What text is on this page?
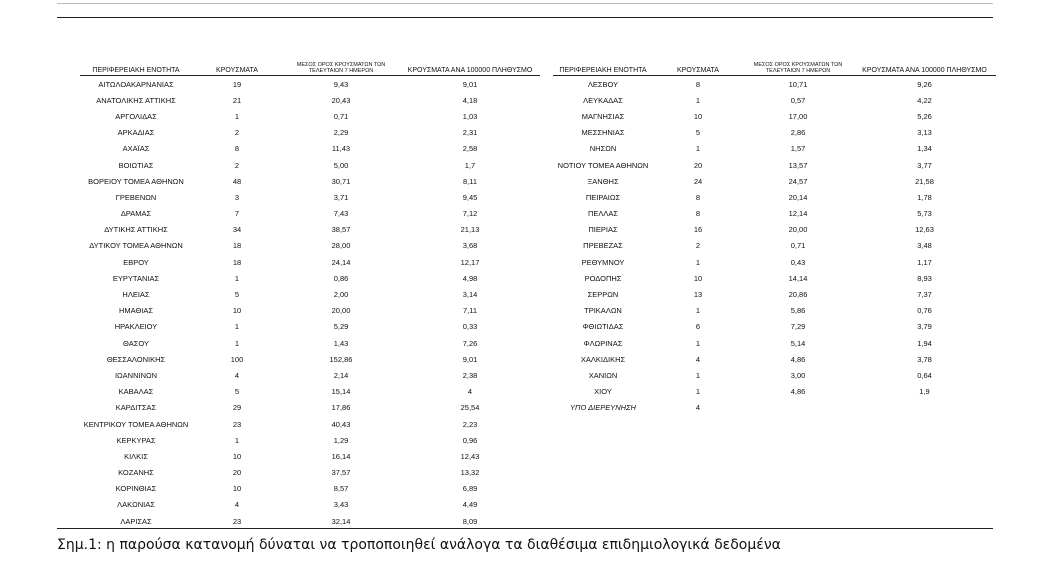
ΠΕΡΙΦΕΡΕΙΑΚΗ ΕΝΟΤΗΤΑ	ΚΡΟΥΣΜΑΤΑ	ΜΕΣΟΣ ΟΡΟΣ ΚΡΟΥΣΜΑΤΩΝ ΤΩΝ ΤΕΛΕΥΤΑΙΩΝ 7 ΗΜΕΡΩΝ	ΚΡΟΥΣΜΑΤΑ ΑΝΑ 100000 ΠΛΗΘΥΣΜΟ
ΑΙΤΩΛΟΑΚΑΡΝΑΝΙΑΣ	19	9,43	9,01
ΑΝΑΤΟΛΙΚΗΣ ΑΤΤΙΚΗΣ	21	20,43	4,18
ΑΡΓΟΛΙΔΑΣ	1	0,71	1,03
ΑΡΚΑΔΙΑΣ	2	2,29	2,31
ΑΧΑΪΑΣ	8	11,43	2,58
ΒΟΙΩΤΙΑΣ	2	5,00	1,7
ΒΟΡΕΙΟΥ ΤΟΜΕΑ ΑΘΗΝΩΝ	48	30,71	8,11
ΓΡΕΒΕΝΩΝ	3	3,71	9,45
ΔΡΑΜΑΣ	7	7,43	7,12
ΔΥΤΙΚΗΣ ΑΤΤΙΚΗΣ	34	38,57	21,13
ΔΥΤΙΚΟΥ ΤΟΜΕΑ ΑΘΗΝΩΝ	18	28,00	3,68
ΕΒΡΟΥ	18	24,14	12,17
ΕΥΡΥΤΑΝΙΑΣ	1	0,86	4,98
ΗΛΕΙΑΣ	5	2,00	3,14
ΗΜΑΘΙΑΣ	10	20,00	7,11
ΗΡΑΚΛΕΙΟΥ	1	5,29	0,33
ΘΑΣΟΥ	1	1,43	7,26
ΘΕΣΣΑΛΟΝΙΚΗΣ	100	152,86	9,01
ΙΩΑΝΝΙΝΩΝ	4	2,14	2,38
ΚΑΒΑΛΑΣ	5	15,14	4
ΚΑΡΔΙΤΣΑΣ	29	17,86	25,54
ΚΕΝΤΡΙΚΟΥ ΤΟΜΕΑ ΑΘΗΝΩΝ	23	40,43	2,23
ΚΕΡΚΥΡΑΣ	1	1,29	0,96
ΚΙΛΚΙΣ	10	16,14	12,43
ΚΟΖΑΝΗΣ	20	37,57	13,32
ΚΟΡΙΝΘΙΑΣ	10	8,57	6,89
ΛΑΚΩΝΙΑΣ	4	3,43	4,49
ΛΑΡΙΣΑΣ	23	32,14	8,09
ΠΕΡΙΦΕΡΕΙΑΚΗ ΕΝΟΤΗΤΑ	ΚΡΟΥΣΜΑΤΑ	ΜΕΣΟΣ ΟΡΟΣ ΚΡΟΥΣΜΑΤΩΝ ΤΩΝ ΤΕΛΕΥΤΑΙΩΝ 7 ΗΜΕΡΩΝ	ΚΡΟΥΣΜΑΤΑ ΑΝΑ 100000 ΠΛΗΘΥΣΜΟ
ΛΕΣΒΟΥ	8	10,71	9,26
ΛΕΥΚΑΔΑΣ	1	0,57	4,22
ΜΑΓΝΗΣΙΑΣ	10	17,00	5,26
ΜΕΣΣΗΝΙΑΣ	5	2,86	3,13
ΝΗΣΩΝ	1	1,57	1,34
ΝΟΤΙΟΥ ΤΟΜΕΑ ΑΘΗΝΩΝ	20	13,57	3,77
ΞΑΝΘΗΣ	24	24,57	21,58
ΠΕΙΡΑΙΩΣ	8	20,14	1,78
ΠΕΛΛΑΣ	8	12,14	5,73
ΠΙΕΡΙΑΣ	16	20,00	12,63
ΠΡΕΒΕΖΑΣ	2	0,71	3,48
ΡΕΘΥΜΝΟΥ	1	0,43	1,17
ΡΟΔΟΠΗΣ	10	14,14	8,93
ΣΕΡΡΩΝ	13	20,86	7,37
ΤΡΙΚΑΛΩΝ	1	5,86	0,76
ΦΘΙΩΤΙΔΑΣ	6	7,29	3,79
ΦΛΩΡΙΝΑΣ	1	5,14	1,94
ΧΑΛΚΙΔΙΚΗΣ	4	4,86	3,78
ΧΑΝΙΩΝ	1	3,00	0,64
ΧΙΟΥ	1	4,86	1,9
ΥΠΟ ΔΙΕΡΕΥΝΗΣΗ	4		
Σημ.1: η παρούσα κατανομή δύναται να τροποποιηθεί ανάλογα τα διαθέσιμα επιδημιολογικά δεδομένα
